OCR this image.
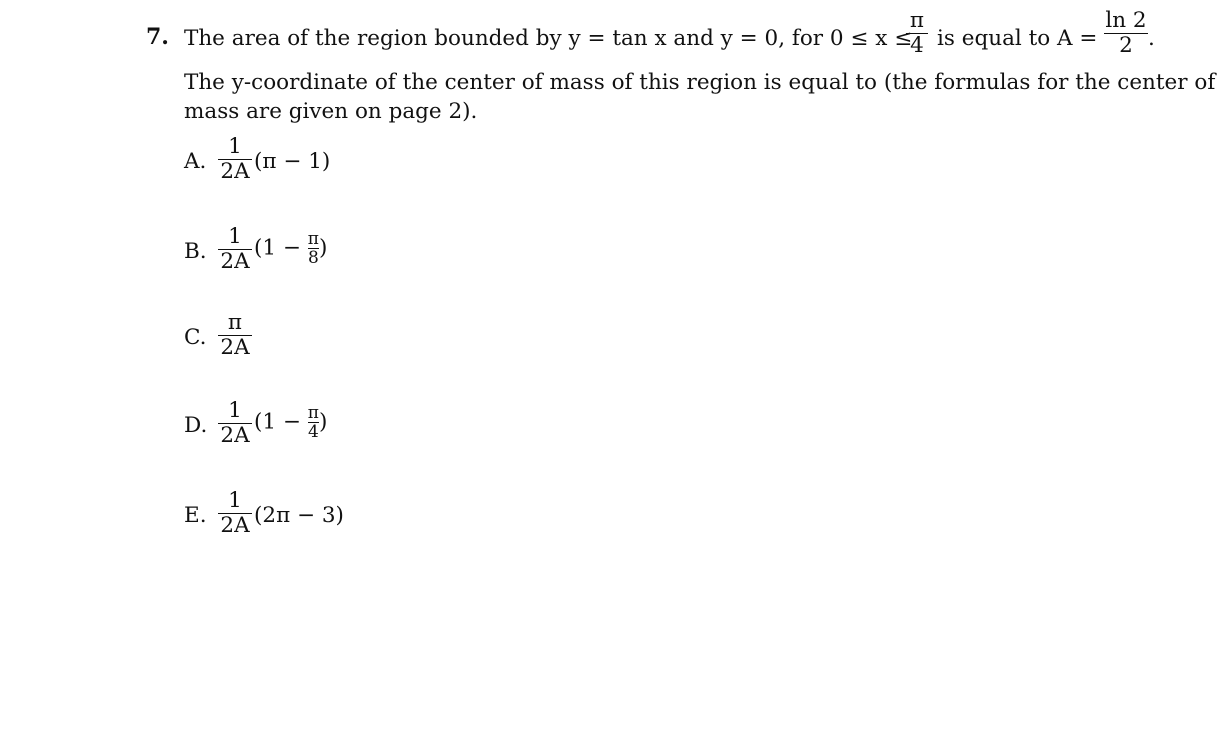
7. The area of the region bounded by y = tan x and y = 0, for 0 ≤ x ≤
π
4 is equal to A =
ln 2
2 .
The y-coordinate of the center of mass of this region is equal to (the formulas for the center of
mass are given on page 2).
A.
1
2A (π − 1)
B.
1
2A
$(1 - \frac{\pi}{8})$
C.
π
2A
D.
1
2A
$(1 - \frac{\pi}{4})$
E.
1
2A (2π − 3)
